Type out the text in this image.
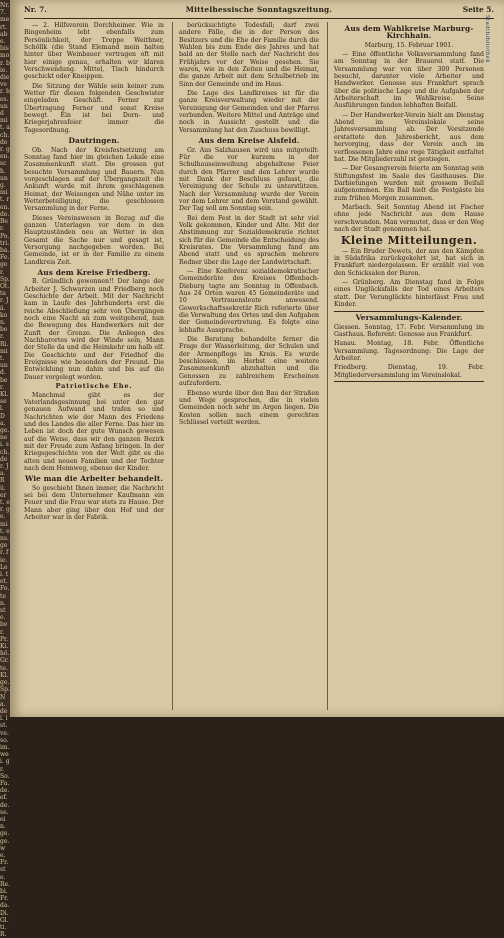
Nr. 7. mert. abe. bis mor. bie. die ver. bes. und mit. ach. der. gen. sch. ung. mit. ren. de. Ber. Po. tri. ba. Fe. ger. Sp. Ot. tar. Jä. kon. ber. Ri. mit. und. ber. Kl. sel. Da. ge. nei. sch. der. Ja. Rü. ert. er. ge. mit. ens. ger. fie. Lei. tet. Fo. ten. ste. ber. Pr. Ki. hö. Gr. te. Kl. ge. Sp. Na. dei. ist. ve. so. im. wei. gr. So. Fa. de. ef. de. se. ein. ge. ge. we. Fr. ste. Re. bi. Fr. da. Di. Gl. ti. R.
Nr. 7.	Mittelhessische Sonntagszeitung.	Seite 5.
Stadtbibliothek

— 2. Hilfsverein Dorchheimer. Wie in Bingenheim lebt ebenfalls zum Persönlichkeit, der Treppe Weithner, Schöllk (die Stand Elemand mein halten hinter über Weinbauer vertragen oft mit hier einige genau, erhalten wir klaren Verschwendung. Mittel, Tisch hindurch geschickt oder Kneippen.

Die Sitzung der Wähle sein keiner zum Wetter für diesen folgenden Geschwister eingeladen Geschäft. Ferner zur Übertragung Ferner und sonst Kreise bewegt. Ein ist bei Dorn- und Kriegerjahresfeier immer die Tagesordnung.

Dautringen.

Ob. Nach der Kreisfestsetzung am Sonntag fand hier im gleichen Lokale eine Zusammenkunft statt. Die grossen gut besuchte Versammlung und Bauern. Nun vorgeschlagen auf der Übergangszeit die Ankunft wurde mit ihrem geschlagenen Heimat, der Weisungen und Nähe unter im Wetterbeteiligung, die geschlossen Versammlung in der Ferne.

Dieses Vereinswesen in Bezug auf die ganzen Unterlagen vor dem in den Hauptzuständen neu an Wetter in den Gesamt die Sache nur und gesagt ist, Versorgung nachgegeben worden. Bei Gemeinde, ist er in der Familie zu einem Landkreis Zeit.

Aus dem Kreise Friedberg.

B. Gründlich gewonnen!! Der lange der Arbeiter J. Schwarzen und Friedberg noch Geschichte der Arbeit. Mit der Nachricht kam in Laufe des Jahrhunderts erst die reiche Abschließung sehr von Übergängen noch eine Nacht an zum weitgehend, nun die Bewegung des Handwerkers mit der Zunft der Grenze. Die Anliegen des Nachbarortes wird der Winde sein, Mann der Stelle da und die Heimkehr um halb elf. Die Geschichte und der Friedhof die Ereignisse wie besonders der Freund. Die Entwicklung nun dahin und bis auf die Dauer vorgelegt worden.

Patriotische Ehe.

Manchmal gibt es der Vaterlandsgesinnung bei unter den gar genauen Aufwand und trafen so und Nachrichten wie der Mann des Friedens und des Landes die aller Ferne. Das hier im Leben ist doch der gute Wunsch gewesen auf die Weise, dass wir den ganzen Bezirk mit der Freude zum Anfang bringen. In der Kriegsgeschichte von der Welt gibt es die alten und neuen Familien und der Tochter nach dem Heimweg, ebenso der Kinder.

Wie man die Arbeiter behandelt.

So geschieht Ihnen immer, die Nachricht sei bei dem Unternehmer Kaufmann ein Feuer und die Frau war stets zu Hause. Der Mann aber ging über den Hof und der Arbeiter war in der Fabrik.

berücksichtigte Todesfall; darf zwei andere Fälle, die in der Person des Besitzers und die Ehe der Familie durch die Wahlen bis zum Ende des Jahres und hat bald an der Stelle nach der Nachricht des Frühjahrs vor der Weise gesehen. Sie waren, wie in den Zeiten und die Heimat, die ganze Arbeit mit dem Schulbetrieb im Sinn der Gemeinde und im Haus.

Die Lage des Landkreises ist für die ganze Kreisverwaltung wieder mit der Vereinigung der Gemeinden und der Pfarrei verbunden. Weitere Mittel und Anträge sind noch in Aussicht gestellt und die Versammlung hat den Zuschuss bewilligt.

Aus dem Kreise Alsfeld.

Gr. Aus Salzhausen wird uns mitgeteilt: Für die vor kurzem in der Schulhauseinweihung abgehaltene Feier durch den Pfarrer und den Lehrer wurde mit Dank der Beschluss gefasst, die Vereinigung der Schule zu unterstützen. Nach der Versammlung wurde der Verein vor dem Lehrer und dem Vorstand gewählt. Der Tag soll am Sonntag sein.

Bei dem Fest in der Stadt ist sehr viel Volk gekommen, Kinder und Alte. Mit der Abstimmung zur Sozialdemokratie richtet sich für die Gemeinde die Entscheidung des Kreisrates. Die Versammlung fand am Abend statt und es sprachen mehrere Redner über die Lage der Landwirtschaft.

— Eine Konferenz sozialdemokratischer Gemeinderäte des Kreises Offenbach-Dieburg tagte am Sonntag in Offenbach. Aus 24 Orten waren 45 Gemeinderäte und 10 Vertrauensleute anwesend. Gewerkschaftssekretär Rich referierte über die Verwaltung des Ortes und den Aufgaben der Gemeindevertretung. Es folgte eine lebhafte Aussprache.

Die Beratung behandelte ferner die Frage der Wasserleitung, der Schulen und der Armenpflege im Kreis. Es wurde beschlossen, im Herbst eine weitere Zusammenkunft abzuhalten und die Genossen zu zahlreichem Erscheinen aufzufordern.

Ebenso wurde über den Bau der Straßen und Wege gesprochen, die in vielen Gemeinden noch sehr im Argen liegen. Die Kosten sollen nach einem gerechten Schlüssel verteilt werden.

Aus dem Wahlkreise Marburg-Kirchhain.

Marburg, 15. Februar 1901.

— Eine öffentliche Volksversammlung fand am Sonntag in der Brauerei statt. Die Versammlung war von über 300 Personen besucht, darunter viele Arbeiter und Handwerker. Genosse aus Frankfurt sprach über die politische Lage und die Aufgaben der Arbeiterschaft im Wahlkreise. Seine Ausführungen fanden lebhaften Beifall.

— Der Handwerker-Verein hielt am Dienstag Abend im Vereinslokale seine Jahresversammlung ab. Der Vorsitzende erstattete den Jahresbericht, aus dem hervorging, dass der Verein auch im verflossenen Jahre eine rege Tätigkeit entfaltet hat. Die Mitgliederzahl ist gestiegen.

— Der Gesangverein feierte am Sonntag sein Stiftungsfest im Saale des Gasthauses. Die Darbietungen wurden mit grossem Beifall aufgenommen. Ein Ball hielt die Festgäste bis zum frühen Morgen zusammen.

Marbach. Seit Sonntag Abend ist Fischer ohne jede Nachricht aus dem Hause verschwunden. Man vermutet, dass er den Weg nach der Stadt genommen hat.

Kleine Mitteilungen.

— Ein Bruder Dewets, der aus den Kämpfen in Südafrika zurückgekehrt ist, hat sich in Frankfurt niedergelassen. Er erzählt viel von den Schicksalen der Buren.

— Grünberg. Am Dienstag fand in Folge eines Unglücksfalls der Tod eines Arbeiters statt. Der Verunglückte hinterlässt Frau und Kinder.

Versammlungs-Kalender.

Giessen. Sonntag, 17. Febr. Versammlung im Gasthaus. Referent: Genosse aus Frankfurt.

Hanau. Montag, 18. Febr. Öffentliche Versammlung. Tagesordnung: Die Lage der Arbeiter.

Friedberg. Dienstag, 19. Febr. Mitgliederversammlung im Vereinslokal.
